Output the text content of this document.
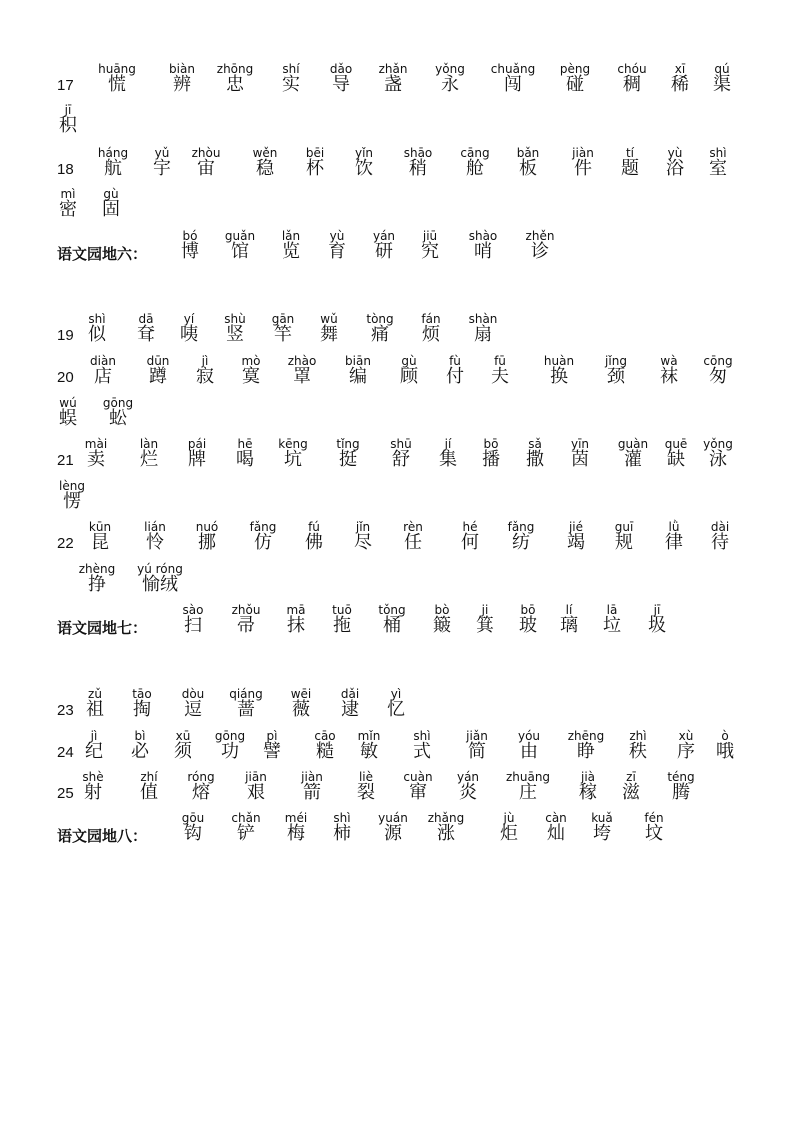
17
huāng
慌
biàn
辨
zhōng
忠
shí
实
dǎo
导
zhǎn
盏
yǒng
永
chuǎng
闯
pèng
碰
chóu
稠
xī
稀
qú
渠
jī
积
18
háng
航
yǔ
宇
zhòu
宙
wěn
稳
bēi
杯
yǐn
饮
shāo
稍
cāng
舱
bǎn
板
jiàn
件
tí
题
yù
浴
shì
室
mì
密
gù
固
语文园地六：
bó
博
guǎn
馆
lǎn
览
yù
育
yán
研
jiū
究
shào
哨
zhěn
诊
19
shì
似
dā
耷
yí
咦
shù
竖
gān
竿
wǔ
舞
tòng
痛
fán
烦
shàn
扇
20
diàn
店
dūn
蹲
jì
寂
mò
寞
zhào
罩
biān
编
gù
顾
fù
付
fū
夫
huàn
换
jǐng
颈
wà
袜
cōng
匆
wú
蜈
gōng
蚣
21
mài
卖
làn
烂
pái
牌
hē
喝
kēng
坑
tǐng
挺
shū
舒
jí
集
bō
播
sǎ
撒
yīn
茵
guàn
灌
quē
缺
yǒng
泳
lèng
愣
22
kūn
昆
lián
怜
nuó
挪
fǎng
仿
fú
佛
jǐn
尽
rèn
任
hé
何
fǎng
纺
jié
竭
guī
规
lǜ
律
dài
待
zhèng
挣
yú róng
愉绒
语文园地七：
sào
扫
zhǒu
帚
mā
抹
tuō
拖
tǒng
桶
bò
簸
ji
箕
bō
玻
lí
璃
lā
垃
jī
圾
23
zǔ
祖
tāo
掏
dòu
逗
qiáng
蔷
wēi
薇
dǎi
逮
yì
忆
24
jì
纪
bì
必
xū
须
gōng
功
pì
譬
cāo
糙
mǐn
敏
shì
式
jiǎn
简
yóu
由
zhēng
睁
zhì
秩
xù
序
ò
哦
25
shè
射
zhí
值
róng
熔
jiān
艰
jiàn
箭
liè
裂
cuàn
窜
yán
炎
zhuāng
庄
jià
稼
zī
滋
téng
腾
语文园地八：
gōu
钩
chǎn
铲
méi
梅
shì
柿
yuán
源
zhǎng
涨
jù
炬
càn
灿
kuǎ
垮
fén
坟
